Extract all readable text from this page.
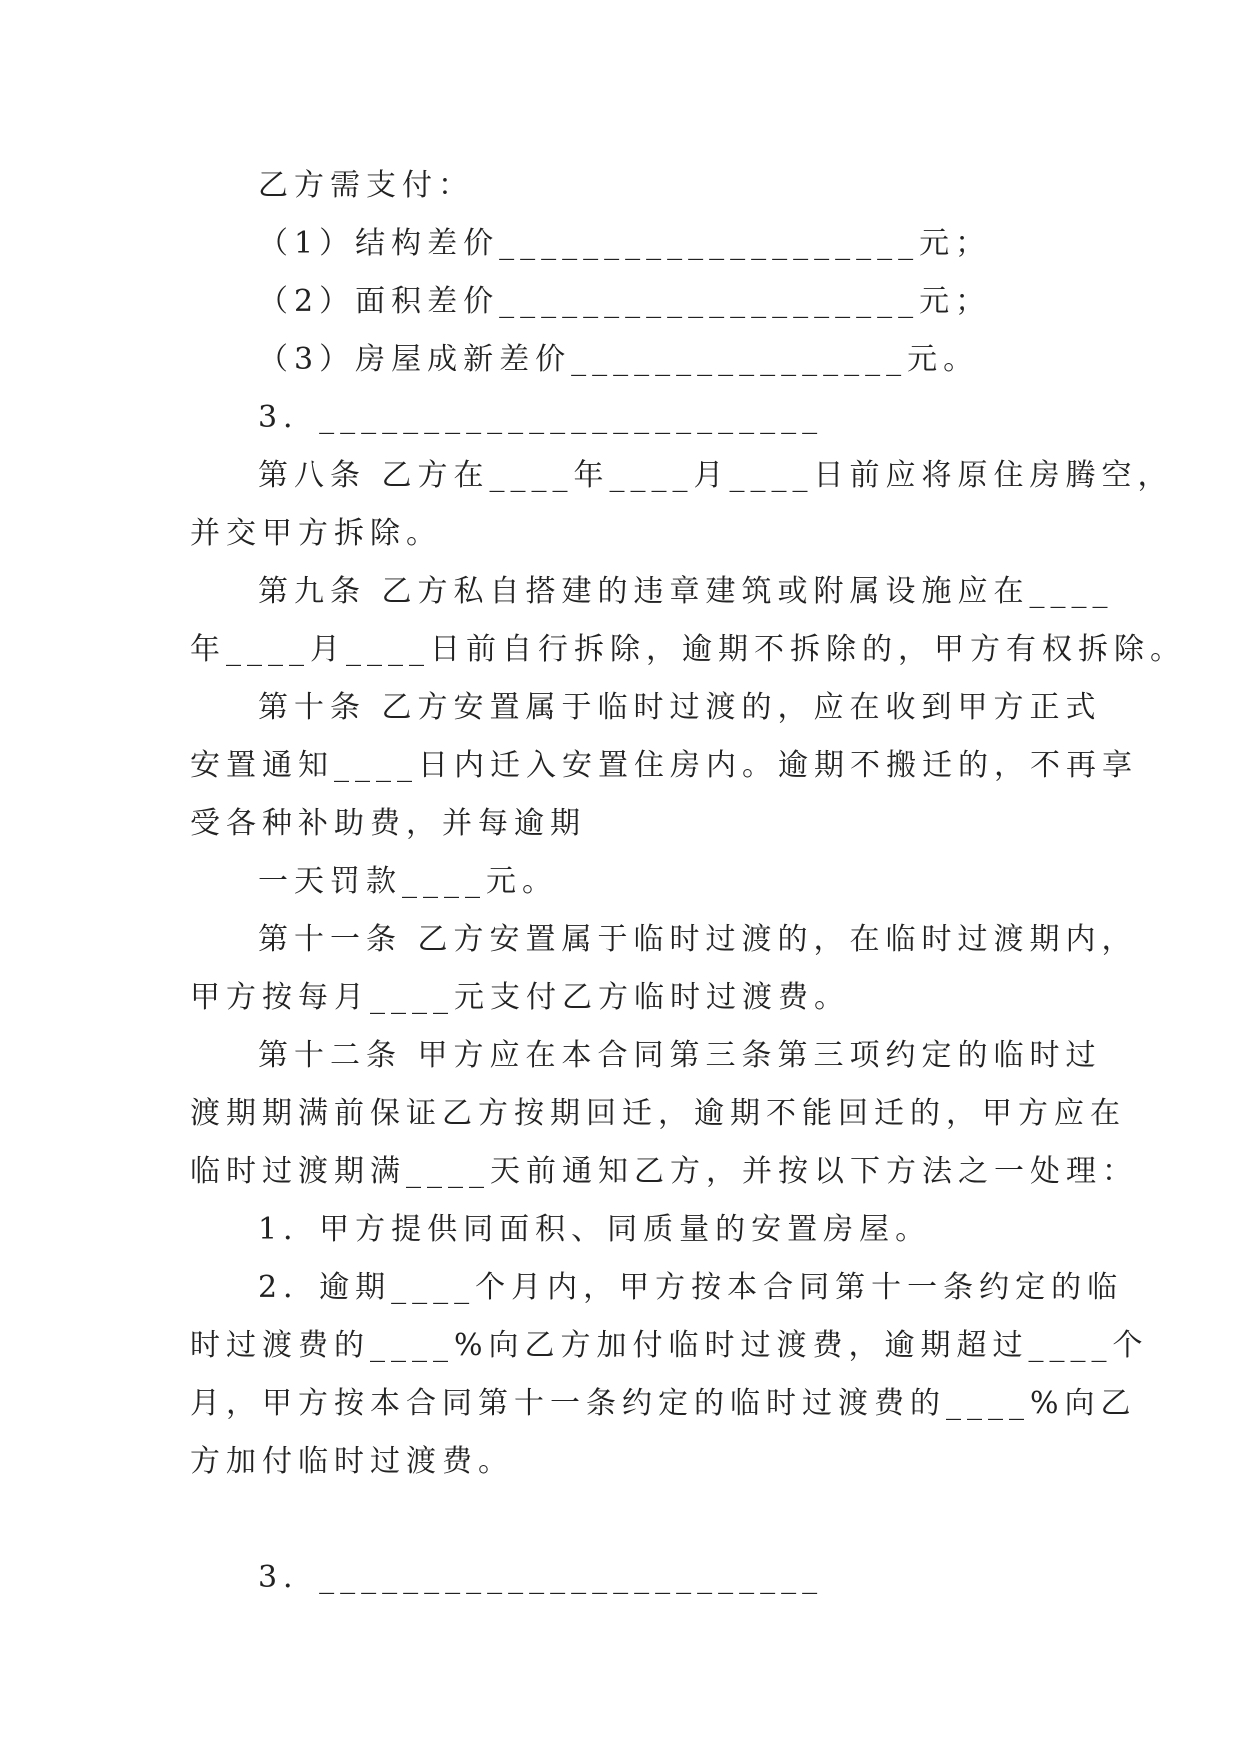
乙方需支付：
（1）结构差价____________________元；
（2）面积差价____________________元；
（3）房屋成新差价________________元。
3．________________________
第八条 乙方在____年____月____日前应将原住房腾空，
并交甲方拆除。
第九条 乙方私自搭建的违章建筑或附属设施应在____
年____月____日前自行拆除，逾期不拆除的，甲方有权拆除。
第十条 乙方安置属于临时过渡的，应在收到甲方正式
安置通知____日内迁入安置住房内。逾期不搬迁的，不再享
受各种补助费，并每逾期
一天罚款____元。
第十一条 乙方安置属于临时过渡的，在临时过渡期内，
甲方按每月____元支付乙方临时过渡费。
第十二条 甲方应在本合同第三条第三项约定的临时过
渡期期满前保证乙方按期回迁，逾期不能回迁的，甲方应在
临时过渡期满____天前通知乙方，并按以下方法之一处理：
1．甲方提供同面积、同质量的安置房屋。
2．逾期____个月内，甲方按本合同第十一条约定的临
时过渡费的____%向乙方加付临时过渡费，逾期超过____个
月，甲方按本合同第十一条约定的临时过渡费的____%向乙
方加付临时过渡费。
3．________________________
